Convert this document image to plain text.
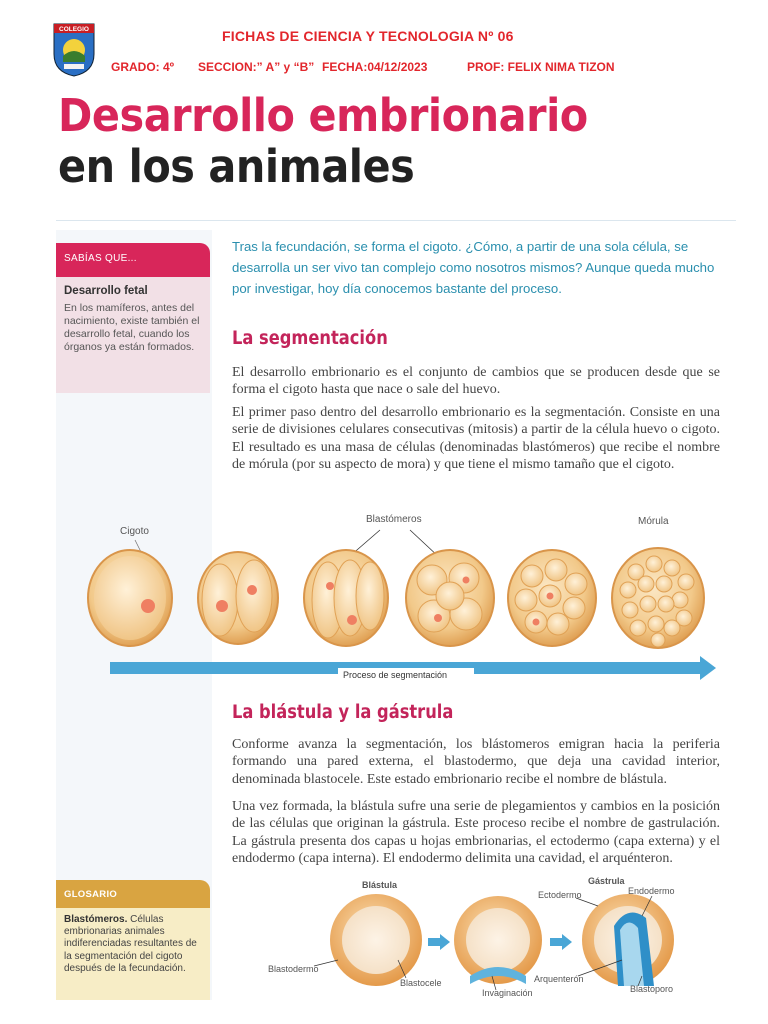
COLEGIO	FICHAS DE CIENCIA Y TECNOLOGIA Nº 06
GRADO: 4º SECCION:” A” y “B” FECHA:04/12/2023	PROF: FELIX NIMA TIZON
Desarrollo embrionario
en los animales
SABÍAS QUE...
Desarrollo fetal
En los mamíferos, antes del nacimiento, existe también el desarrollo fetal, cuando los órganos ya están formados.
GLOSARIO
Blastómeros. Células embrionarias animales indiferenciadas resultantes de la segmentación del cigoto después de la fecundación.
Tras la fecundación, se forma el cigoto. ¿Cómo, a partir de una sola célula, se desarrolla un ser vivo tan complejo como nosotros mismos? Aunque queda mucho por investigar, hoy día conocemos bastante del proceso.
La segmentación
El desarrollo embrionario es el conjunto de cambios que se producen desde que se forma el cigoto hasta que nace o sale del huevo.
El primer paso dentro del desarrollo embrionario es la segmentación. Consiste en una serie de divisiones celulares consecutivas (mitosis) a partir de la célula huevo o cigoto. El resultado es una masa de células (denominadas blastómeros) que recibe el nombre de mórula (por su aspecto de mora) y que tiene el mismo tamaño que el cigoto.
Cigoto
Blastómeros	Mórula
Proceso de segmentación
La blástula y la gástrula
Conforme avanza la segmentación, los blástomeros emigran hacia la periferia formando una pared externa, el blastodermo, que deja una cavidad interior, denominada blastocele. Este estado embrionario recibe el nombre de blástula.
Una vez formada, la blástula sufre una serie de plegamientos y cambios en la posición de las células que originan la gástrula. Este proceso recibe el nombre de gastrulación. La gástrula presenta dos capas u hojas embrionarias, el ectodermo (capa externa) y el endodermo (capa interna). El endodermo delimita una cavidad, el arquénteron.
Blástula	Gástrula
Ectodermo	Endodermo
Blastodermo
Blastocele
Invaginación
Arquenterón
Blastoporo
